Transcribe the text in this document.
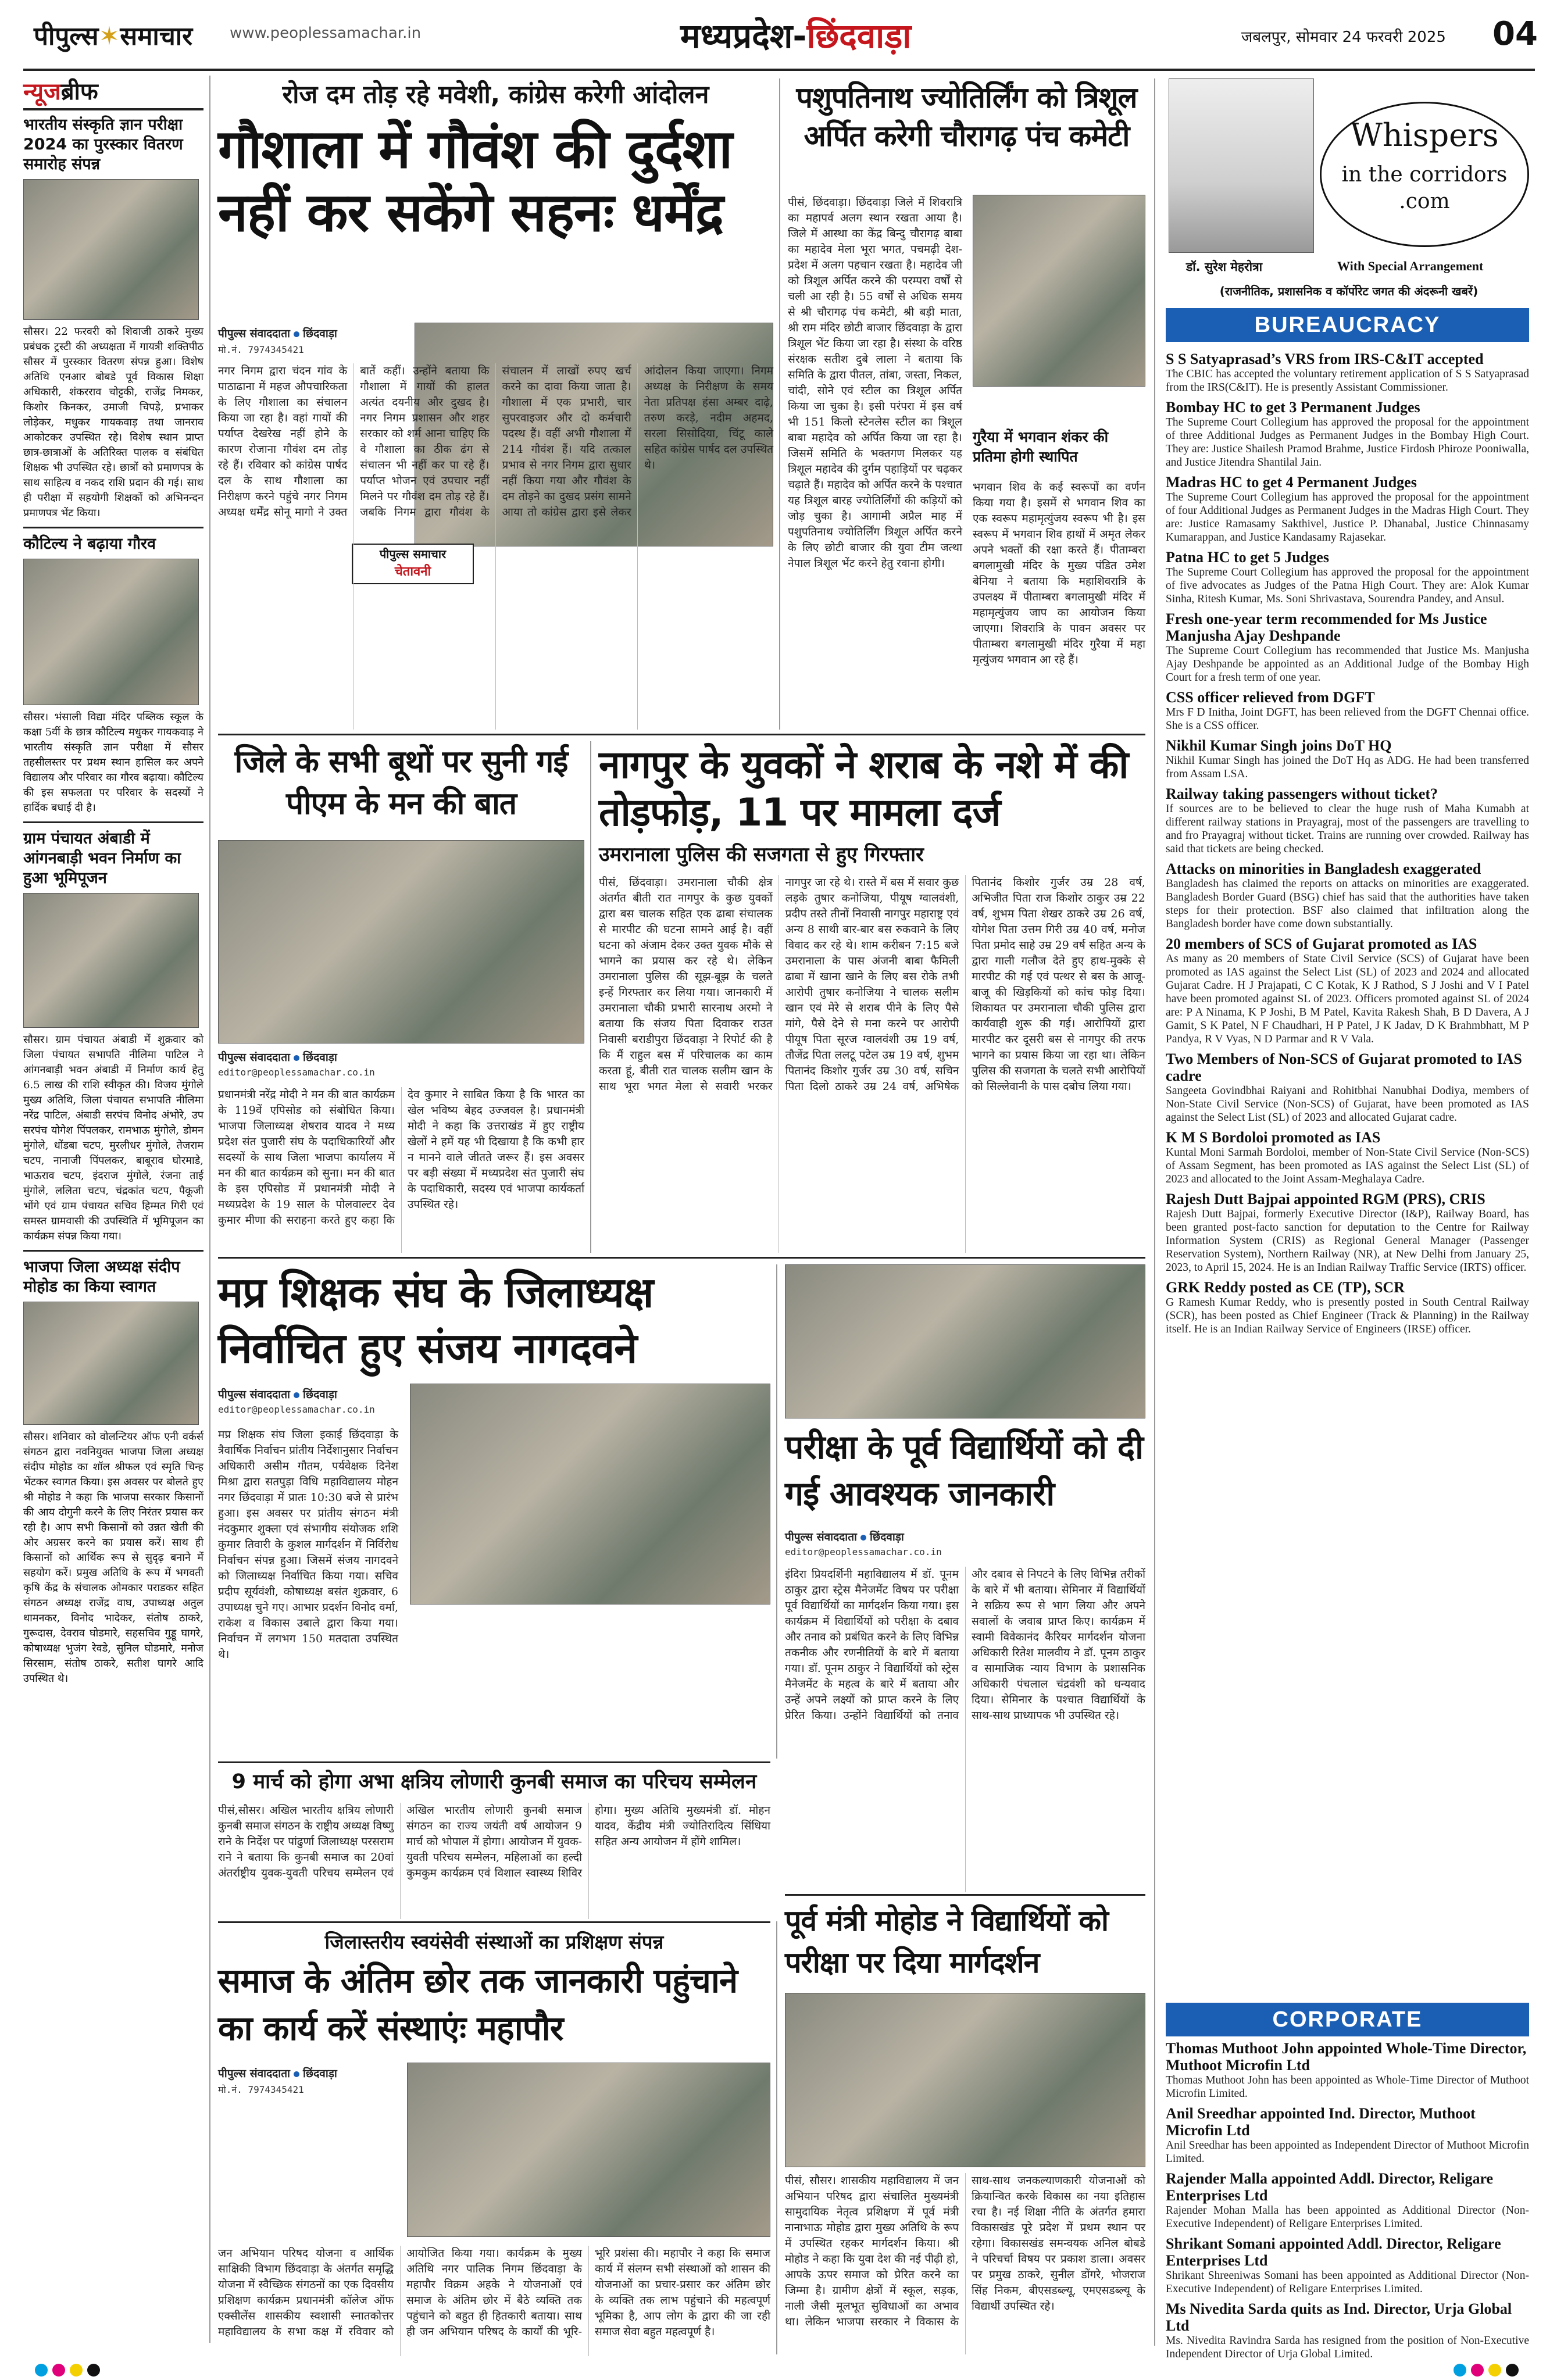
पीपुल्स✶समाचार	www.peoplessamachar.in	मध्यप्रदेश-छिंदवाड़ा	जबलपुर, सोमवार 24 फरवरी 2025	04
न्यूजब्रीफ
भारतीय संस्कृति ज्ञान परीक्षा 2024 का पुरस्कार वितरण समारोह संपन्न
सौसर। 22 फरवरी को शिवाजी ठाकरे मुख्य प्रबंधक ट्रस्टी की अध्यक्षता में गायत्री शक्तिपीठ सौसर में पुरस्कार वितरण संपन्न हुआ। विशेष अतिथि एनआर बोबडे पूर्व विकास शिक्षा अधिकारी, शंकरराव चोट्टकी, राजेंद्र निमकर, किशोर किनकर, उमाजी चिपड़े, प्रभाकर लोड़ेकर, मधुकर गायकवाड़ तथा जानराव आकोटकर उपस्थित रहे। विशेष स्थान प्राप्त छात्र-छात्राओं के अतिरिक्त पालक व संबंधित शिक्षक भी उपस्थित रहे। छात्रों को प्रमाणपत्र के साथ साहित्य व नकद राशि प्रदान की गई। साथ ही परीक्षा में सहयोगी शिक्षकों को अभिनन्दन प्रमाणपत्र भेंट किया।
कौटिल्य ने बढ़ाया गौरव
सौसर। भंसाली विद्या मंदिर पब्लिक स्कूल के कक्षा 5वीं के छात्र कौटिल्य मधुकर गायकवाड़ ने भारतीय संस्कृति ज्ञान परीक्षा में सौसर तहसीलस्तर पर प्रथम स्थान हासिल कर अपने विद्यालय और परिवार का गौरव बढ़ाया। कौटिल्य की इस सफलता पर परिवार के सदस्यों ने हार्दिक बधाई दी है।
ग्राम पंचायत अंबाडी में आंगनबाड़ी भवन निर्माण का हुआ भूमिपूजन
सौसर। ग्राम पंचायत अंबाडी में शुक्रवार को जिला पंचायत सभापति नीलिमा पाटिल ने आंगनबाड़ी भवन अंबाडी में निर्माण कार्य हेतु 6.5 लाख की राशि स्वीकृत की। विजय मुंगोले मुख्य अतिथि, जिला पंचायत सभापति नीलिमा नरेंद्र पाटिल, अंबाडी सरपंच विनोद अंभोरे, उप सरपंच योगेश पिंपलकर, रामभाऊ मुंगोले, डोमन मुंगोले, धोंडबा चटप, मुरलीधर मुंगोले, तेजराम चटप, नानाजी पिंपलकर, बाबूराव घोरमाडे, भाऊराव चटप, इंदराज मुंगोले, रंजना ताई मुंगोले, ललिता चटप, चंद्रकांत चटप, पैकूजी भोंगे एवं ग्राम पंचायत सचिव हिम्मत गिरी एवं समस्त ग्रामवासी की उपस्थिति में भूमिपूजन का कार्यक्रम संपन्न किया गया।
भाजपा जिला अध्यक्ष संदीप मोहोड का किया स्वागत
सौसर। शनिवार को वोलन्टियर ऑफ एनी वर्कर्स संगठन द्वारा नवनियुक्त भाजपा जिला अध्यक्ष संदीप मोहोड का शॉल श्रीफल एवं स्मृति चिन्ह भेंटकर स्वागत किया। इस अवसर पर बोलते हुए श्री मोहोड ने कहा कि भाजपा सरकार किसानों की आय दोगुनी करने के लिए निरंतर प्रयास कर रही है। आप सभी किसानों को उन्नत खेती की ओर अग्रसर करने का प्रयास करें। साथ ही किसानों को आर्थिक रूप से सुदृढ़ बनाने में सहयोग करें। प्रमुख अतिथि के रूप में भगवती कृषि केंद्र के संचालक ओमकार पराडकर सहित संगठन अध्यक्ष राजेंद्र वाघ, उपाध्यक्ष अतुल धामनकर, विनोद भादेकर, संतोष ठाकरे, गुरूदास, देवराव घोडमारे, सहसचिव गुड्डू घागरे, कोषाध्यक्ष भुजंग रेवडे, सुनिल घोडमारे, मनोज सिरसाम, संतोष ठाकरे, सतीश घागरे आदि उपस्थित थे।
रोज दम तोड़ रहे मवेशी, कांग्रेस करेगी आंदोलन
गौशाला में गौवंश की दुर्दशा नहीं कर सकेंगे सहनः धर्मेंद्र
पीपुल्स संवाददाता छिंदवाड़ा
मो.नं. 7974345421
पीपुल्स समाचार
चेतावनी
नगर निगम द्वारा चंदन गांव के पाठाढाना में महज औपचारिकता के लिए गौशाला का संचालन किया जा रहा है। वहां गायों की पर्याप्त देखरेख नहीं होने के कारण रोजाना गौवंश दम तोड़ रहे हैं। रविवार को कांग्रेस पार्षद दल के साथ गौशाला का निरीक्षण करने पहुंचे नगर निगम अध्यक्ष धर्मेंद्र सोनू मागो ने उक्त बातें कहीं। उन्होंने बताया कि गौशाला में गायों की हालत अत्यंत दयनीय और दुखद है। नगर निगम प्रशासन और शहर सरकार को शर्म आना चाहिए कि वे गौशाला का ठीक ढंग से संचालन भी नहीं कर पा रहे हैं। पर्याप्त भोजन एवं उपचार नहीं मिलने पर गौवंश दम तोड़ रहे हैं। जबकि निगम द्वारा गौवंश के संचालन में लाखों रुपए खर्च करने का दावा किया जाता है। गौशाला में एक प्रभारी, चार सुपरवाइजर और दो कर्मचारी पदस्थ हैं। वहीं अभी गौशाला में 214 गौवंश हैं। यदि तत्काल प्रभाव से नगर निगम द्वारा सुधार नहीं किया गया और गौवंश के दम तोड़ने का दुखद प्रसंग सामने आया तो कांग्रेस द्वारा इसे लेकर आंदोलन किया जाएगा। निगम अध्यक्ष के निरीक्षण के समय नेता प्रतिपक्ष हंसा अम्बर दाढ़े, तरुण करड़े, नदीम अहमद, सरला सिसोदिया, चिंटू काले सहित कांग्रेस पार्षद दल उपस्थित थे।
पशुपतिनाथ ज्योतिर्लिंग को त्रिशूल अर्पित करेगी चौरागढ़ पंच कमेटी
पीसं, छिंदवाड़ा। छिंदवाड़ा जिले में शिवरात्रि का महापर्व अलग स्थान रखता आया है। जिले में आस्था का केंद्र बिन्दु चौरागढ़ बाबा का महादेव मेला भूरा भगत, पचमढ़ी देश-प्रदेश में अलग पहचान रखता है। महादेव जी को त्रिशूल अर्पित करने की परम्परा वर्षों से चली आ रही है। 55 वर्षों से अधिक समय से श्री चौरागढ़ पंच कमेटी, श्री बड़ी माता, श्री राम मंदिर छोटी बाजार छिंदवाड़ा के द्वारा त्रिशूल भेंट किया जा रहा है। संस्था के वरिष्ठ संरक्षक सतीश दुबे लाला ने बताया कि समिति के द्वारा पीतल, तांबा, जस्ता, निकल, चांदी, सोने एवं स्टील का त्रिशूल अर्पित किया जा चुका है। इसी परंपरा में इस वर्ष भी 151 किलो स्टेनलेस स्टील का त्रिशूल बाबा महादेव को अर्पित किया जा रहा है। जिसमें समिति के भक्तगण मिलकर यह त्रिशूल महादेव की दुर्गम पहाड़ियों पर चढ़कर चढ़ाते हैं। महादेव को अर्पित करने के पश्चात यह त्रिशूल बारह ज्योतिर्लिंगों की कड़ियों को जोड़ चुका है। आगामी अप्रैल माह में पशुपतिनाथ ज्योतिर्लिंग त्रिशूल अर्पित करने के लिए छोटी बाजार की युवा टीम जत्था नेपाल त्रिशूल भेंट करने हेतु रवाना होगी।
गुरैया में भगवान शंकर की प्रतिमा होगी स्थापित
भगवान शिव के कई स्वरूपों का वर्णन किया गया है। इसमें से भगवान शिव का एक स्वरूप महामृत्युंजय स्वरूप भी है। इस स्वरूप में भगवान शिव हाथों में अमृत लेकर अपने भक्तों की रक्षा करते हैं। पीताम्बरा बगलामुखी मंदिर के मुख्य पंडित उमेश बेनिया ने बताया कि महाशिवरात्रि के उपलक्ष्य में पीताम्बरा बगलामुखी मंदिर में महामृत्युंजय जाप का आयोजन किया जाएगा। शिवरात्रि के पावन अवसर पर पीताम्बरा बगलामुखी मंदिर गुरैया में महा मृत्युंजय भगवान आ रहे हैं।
Whispers
in the corridors
.com
डॉ. सुरेश मेहरोत्रा	With Special Arrangement
(राजनीतिक, प्रशासनिक व कॉर्पोरेट जगत की अंदरूनी खबरें)
BUREAUCRACY
S S Satyaprasad’s VRS from IRS-C&IT accepted
The CBIC has accepted the voluntary retirement application of S S Satyaprasad from the IRS(C&IT). He is presently Assistant Commissioner.
Bombay HC to get 3 Permanent Judges
The Supreme Court Collegium has approved the proposal for the appointment of three Additional Judges as Permanent Judges in the Bombay High Court. They are: Justice Shailesh Pramod Brahme, Justice Firdosh Phiroze Pooniwalla, and Justice Jitendra Shantilal Jain.
Madras HC to get 4 Permanent Judges
The Supreme Court Collegium has approved the proposal for the appointment of four Additional Judges as Permanent Judges in the Madras High Court. They are: Justice Ramasamy Sakthivel, Justice P. Dhanabal, Justice Chinnasamy Kumarappan, and Justice Kandasamy Rajasekar.
Patna HC to get 5 Judges
The Supreme Court Collegium has approved the proposal for the appointment of five advocates as Judges of the Patna High Court. They are: Alok Kumar Sinha, Ritesh Kumar, Ms. Soni Shrivastava, Sourendra Pandey, and Ansul.
Fresh one-year term recommended for Ms Justice Manjusha Ajay Deshpande
The Supreme Court Collegium has recommended that Justice Ms. Manjusha Ajay Deshpande be appointed as an Additional Judge of the Bombay High Court for a fresh term of one year.
CSS officer relieved from DGFT
Mrs F D Initha, Joint DGFT, has been relieved from the DGFT Chennai office. She is a CSS officer.
Nikhil Kumar Singh joins DoT HQ
Nikhil Kumar Singh has joined the DoT Hq as ADG. He had been transferred from Assam LSA.
Railway taking passengers without ticket?
If sources are to be believed to clear the huge rush of Maha Kumabh at different railway stations in Prayagraj, most of the passengers are travelling to and fro Prayagraj without ticket. Trains are running over crowded. Railway has said that tickets are being checked.
Attacks on minorities in Bangladesh exaggerated
Bangladesh has claimed the reports on attacks on minorities are exaggerated. Bangladesh Border Guard (BSG) chief has said that the authorities have taken steps for their protection. BSF also claimed that infiltration along the Bangladesh border have come down substantially.
20 members of SCS of Gujarat promoted as IAS
As many as 20 members of State Civil Service (SCS) of Gujarat have been promoted as IAS against the Select List (SL) of 2023 and 2024 and allocated Gujarat Cadre. H J Prajapati, C C Kotak, K J Rathod, S J Joshi and V I Patel have been promoted against SL of 2023. Officers promoted against SL of 2024 are: P A Ninama, K P Joshi, B M Patel, Kavita Rakesh Shah, B D Davera, A J Gamit, S K Patel, N F Chaudhari, H P Patel, J K Jadav, D K Brahmbhatt, M P Pandya, R V Vyas, N D Parmar and R V Vala.
Two Members of Non-SCS of Gujarat promoted to IAS cadre
Sangeeta Govindbhai Raiyani and Rohitbhai Nanubhai Dodiya, members of Non-State Civil Service (Non-SCS) of Gujarat, have been promoted as IAS against the Select List (SL) of 2023 and allocated Gujarat cadre.
K M S Bordoloi promoted as IAS
Kuntal Moni Sarmah Bordoloi, member of Non-State Civil Service (Non-SCS) of Assam Segment, has been promoted as IAS against the Select List (SL) of 2023 and allocated to the Joint Assam-Meghalaya Cadre.
Rajesh Dutt Bajpai appointed RGM (PRS), CRIS
Rajesh Dutt Bajpai, formerly Executive Director (I&P), Railway Board, has been granted post-facto sanction for deputation to the Centre for Railway Information System (CRIS) as Regional General Manager (Passenger Reservation System), Northern Railway (NR), at New Delhi from January 25, 2023, to April 15, 2024. He is an Indian Railway Traffic Service (IRTS) officer.
GRK Reddy posted as CE (TP), SCR
G Ramesh Kumar Reddy, who is presently posted in South Central Railway (SCR), has been posted as Chief Engineer (Track & Planning) in the Railway itself. He is an Indian Railway Service of Engineers (IRSE) officer.
CORPORATE
Thomas Muthoot John appointed Whole-Time Director, Muthoot Microfin Ltd
Thomas Muthoot John has been appointed as Whole-Time Director of Muthoot Microfin Limited.
Anil Sreedhar appointed Ind. Director, Muthoot Microfin Ltd
Anil Sreedhar has been appointed as Independent Director of Muthoot Microfin Limited.
Rajender Malla appointed Addl. Director, Religare Enterprises Ltd
Rajender Mohan Malla has been appointed as Additional Director (Non-Executive Independent) of Religare Enterprises Limited.
Shrikant Somani appointed Addl. Director, Religare Enterprises Ltd
Shrikant Shreeniwas Somani has been appointed as Additional Director (Non-Executive Independent) of Religare Enterprises Limited.
Ms Nivedita Sarda quits as Ind. Director, Urja Global Ltd
Ms. Nivedita Ravindra Sarda has resigned from the position of Non-Executive Independent Director of Urja Global Limited.
जिले के सभी बूथों पर सुनी गई पीएम के मन की बात
पीपुल्स संवाददाता छिंदवाड़ा
editor@peoplessamachar.co.in
प्रधानमंत्री नरेंद्र मोदी ने मन की बात कार्यक्रम के 119वें एपिसोड को संबोधित किया। भाजपा जिलाध्यक्ष शेषराव यादव ने मध्य प्रदेश संत पुजारी संघ के पदाधिकारियों और सदस्यों के साथ जिला भाजपा कार्यालय में मन की बात कार्यक्रम को सुना। मन की बात के इस एपिसोड में प्रधानमंत्री मोदी ने मध्यप्रदेश के 19 साल के पोलवाल्टर देव कुमार मीणा की सराहना करते हुए कहा कि देव कुमार ने साबित किया है कि भारत का खेल भविष्य बेहद उज्जवल है। प्रधानमंत्री मोदी ने कहा कि उत्तराखंड में हुए राष्ट्रीय खेलों ने हमें यह भी दिखाया है कि कभी हार न मानने वाले जीतते जरूर हैं। इस अवसर पर बड़ी संख्या में मध्यप्रदेश संत पुजारी संघ के पदाधिकारी, सदस्य एवं भाजपा कार्यकर्ता उपस्थित रहे।
नागपुर के युवकों ने शराब के नशे में की तोड़फोड़, 11 पर मामला दर्ज
उमरानाला पुलिस की सजगता से हुए गिरफ्तार
पीसं, छिंदवाड़ा। उमरानाला चौकी क्षेत्र अंतर्गत बीती रात नागपुर के कुछ युवकों द्वारा बस चालक सहित एक ढाबा संचालक से मारपीट की घटना सामने आई है। वहीं घटना को अंजाम देकर उक्त युवक मौके से भागने का प्रयास कर रहे थे। लेकिन उमरानाला पुलिस की सूझ-बूझ के चलते इन्हें गिरफ्तार कर लिया गया। जानकारी में उमरानाला चौकी प्रभारी सारनाथ अरमो ने बताया कि संजय पिता दिवाकर राउत निवासी बराडीपुरा छिंदवाड़ा ने रिपोर्ट की है कि मैं राहुल बस में परिचालक का काम करता हूं, बीती रात चालक सलीम खान के साथ भूरा भगत मेला से सवारी भरकर नागपुर जा रहे थे। रास्ते में बस में सवार कुछ लड़के तुषार कनोजिया, पीयूष ग्वालवंशी, प्रदीप तस्ते तीनों निवासी नागपुर महाराष्ट्र एवं अन्य 8 साथी बार-बार बस रुकवाने के लिए विवाद कर रहे थे। शाम करीबन 7:15 बजे उमरानाला के पास अंजनी बाबा फैमिली ढाबा में खाना खाने के लिए बस रोके तभी आरोपी तुषार कनोजिया ने चालक सलीम खान एवं मेरे से शराब पीने के लिए पैसे मांगे, पैसे देने से मना करने पर आरोपी पीयूष पिता सूरज ग्वालवंशी उम्र 19 वर्ष, तौजेंद्र पिता ललटू पटेल उम्र 19 वर्ष, शुभम पितानंद किशोर गुर्जर उम्र 30 वर्ष, सचिन पिता दिलाे ठाकरे उम्र 24 वर्ष, अभिषेक पितानंद किशोर गुर्जर उम्र 28 वर्ष, अभिजीत पिता राज किशोर ठाकुर उम्र 22 वर्ष, शुभम पिता शेखर ठाकरे उम्र 26 वर्ष, योगेश पिता उत्तम गिरी उम्र 40 वर्ष, मनोज पिता प्रमोद साहे उम्र 29 वर्ष सहित अन्य के द्वारा गाली गलौज देते हुए हाथ-मुक्के से मारपीट की गई एवं पत्थर से बस के आजू-बाजू की खिड़कियों को कांच फोड़ दिया। शिकायत पर उमरानाला चौकी पुलिस द्वारा कार्यवाही शुरू की गई। आरोपियों द्वारा मारपीट कर दूसरी बस से नागपुर की तरफ भागने का प्रयास किया जा रहा था। लेकिन पुलिस की सजगता के चलते सभी आरोपियों को सिल्लेवानी के पास दबोच लिया गया।
मप्र शिक्षक संघ के जिलाध्यक्ष निर्वाचित हुए संजय नागदवने
पीपुल्स संवाददाता छिंदवाड़ा
editor@peoplessamachar.co.in
मप्र शिक्षक संघ जिला इकाई छिंदवाड़ा के त्रैवार्षिक निर्वाचन प्रांतीय निर्देशानुसार निर्वाचन अधिकारी असीम गौतम, पर्यवेक्षक दिनेश मिश्रा द्वारा सतपुड़ा विधि महाविद्यालय मोहन नगर छिंदवाड़ा में प्रातः 10:30 बजे से प्रारंभ हुआ। इस अवसर पर प्रांतीय संगठन मंत्री नंदकुमार शुक्ला एवं संभागीय संयोजक शशि कुमार तिवारी के कुशल मार्गदर्शन में निर्विरोध निर्वाचन संपन्न हुआ। जिसमें संजय नागदवने को जिलाध्यक्ष निर्वाचित किया गया। सचिव प्रदीप सूर्यवंशी, कोषाध्यक्ष बसंत शुक्रवार, 6 उपाध्यक्ष चुने गए। आभार प्रदर्शन विनोद वर्मा, राकेश व विकास उबाले द्वारा किया गया। निर्वाचन में लगभग 150 मतदाता उपस्थित थे।
9 मार्च को होगा अभा क्षत्रिय लोणारी कुनबी समाज का परिचय सम्मेलन
पीसं,सौसर। अखिल भारतीय क्षत्रिय लोणारी कुनबी समाज संगठन के राष्ट्रीय अध्यक्ष विष्णु राने के निर्देश पर पांढुर्णा जिलाध्यक्ष परसराम राने ने बताया कि कुनबी समाज का 20वां अंतर्राष्ट्रीय युवक-युवती परिचय सम्मेलन एवं अखिल भारतीय लोणारी कुनबी समाज संगठन का राज्य जयंती वर्ष आयोजन 9 मार्च को भोपाल में होगा। आयोजन में युवक-युवती परिचय सम्मेलन, महिलाओं का हल्दी कुमकुम कार्यक्रम एवं विशाल स्वास्थ्य शिविर होगा। मुख्य अतिथि मुख्यमंत्री डॉ. मोहन यादव, केंद्रीय मंत्री ज्योतिरादित्य सिंधिया सहित अन्य आयोजन में होंगे शामिल।
परीक्षा के पूर्व विद्यार्थियों को दी गई आवश्यक जानकारी
पीपुल्स संवाददाता छिंदवाड़ा
editor@peoplessamachar.co.in
इंदिरा प्रियदर्शिनी महाविद्यालय में डॉ. पूनम ठाकुर द्वारा स्ट्रेस मैनेजमेंट विषय पर परीक्षा पूर्व विद्यार्थियों का मार्गदर्शन किया गया। इस कार्यक्रम में विद्यार्थियों को परीक्षा के दबाव और तनाव को प्रबंधित करने के लिए विभिन्न तकनीक और रणनीतियों के बारे में बताया गया। डॉ. पूनम ठाकुर ने विद्यार्थियों को स्ट्रेस मैनेजमेंट के महत्व के बारे में बताया और उन्हें अपने लक्ष्यों को प्राप्त करने के लिए प्रेरित किया। उन्होंने विद्यार्थियों को तनाव और दबाव से निपटने के लिए विभिन्न तरीकों के बारे में भी बताया। सेमिनार में विद्यार्थियों ने सक्रिय रूप से भाग लिया और अपने सवालों के जवाब प्राप्त किए। कार्यक्रम में स्वामी विवेकानंद कैरियर मार्गदर्शन योजना अधिकारी रितेश मालवीय ने डॉ. पूनम ठाकुर व सामाजिक न्याय विभाग के प्रशासनिक अधिकारी पंचलाल चंद्रवंशी को धन्यवाद दिया। सेमिनार के पश्चात विद्यार्थियों के साथ-साथ प्राध्यापक भी उपस्थित रहे।
जिलास्तरीय स्वयंसेवी संस्थाओं का प्रशिक्षण संपन्न
समाज के अंतिम छोर तक जानकारी पहुंचाने का कार्य करें संस्थाएंः महापौर
पीपुल्स संवाददाता छिंदवाड़ा
मो.नं. 7974345421
जन अभियान परिषद योजना व आर्थिक साक्षिकी विभाग छिंदवाड़ा के अंतर्गत समृद्धि योजना में स्वैच्छिक संगठनों का एक दिवसीय प्रशिक्षण कार्यक्रम प्रधानमंत्री कॉलेज ऑफ एक्सीलेंस शासकीय स्वशासी स्नातकोत्तर महाविद्यालय के सभा कक्ष में रविवार को आयोजित किया गया। कार्यक्रम के मुख्य अतिथि नगर पालिक निगम छिंदवाड़ा के महापौर विक्रम अहके ने योजनाओं एवं समाज के अंतिम छोर में बैठे व्यक्ति तक पहुंचाने को बहुत ही हितकारी बताया। साथ ही जन अभियान परिषद के कार्यों की भूरि-भूरि प्रशंसा की। महापौर ने कहा कि समाज कार्य में संलग्न सभी संस्थाओं को शासन की योजनाओं का प्रचार-प्रसार कर अंतिम छोर के व्यक्ति तक लाभ पहुंचाने की महत्वपूर्ण भूमिका है, आप लोग के द्वारा की जा रही समाज सेवा बहुत महत्वपूर्ण है।
पूर्व मंत्री मोहोड ने विद्यार्थियों को परीक्षा पर दिया मार्गदर्शन
पीसं, सौसर। शासकीय महाविद्यालय में जन अभियान परिषद द्वारा संचालित मुख्यमंत्री सामुदायिक नेतृत्व प्रशिक्षण में पूर्व मंत्री नानाभाऊ मोहोड द्वारा मुख्य अतिथि के रूप में उपस्थित रहकर मार्गदर्शन किया। श्री मोहोड ने कहा कि युवा देश की नई पीढ़ी हो, आपके ऊपर समाज को प्रेरित करने का जिम्मा है। ग्रामीण क्षेत्रों में स्कूल, सड़क, नाली जैसी मूलभूत सुविधाओं का अभाव था। लेकिन भाजपा सरकार ने विकास के साथ-साथ जनकल्याणकारी योजनाओं को क्रियान्वित करके विकास का नया इतिहास रचा है। नई शिक्षा नीति के अंतर्गत हमारा विकासखंड पूरे प्रदेश में प्रथम स्थान पर रहेगा। विकासखंड समन्वयक अनिल बोबडे ने परिचर्चा विषय पर प्रकाश डाला। अवसर पर प्रमुख ठाकरे, सुनील डोंगरे, भोजराज सिंह निकम, बीएसडब्ल्यू, एमएसडब्ल्यू के विद्यार्थी उपस्थित रहे।
